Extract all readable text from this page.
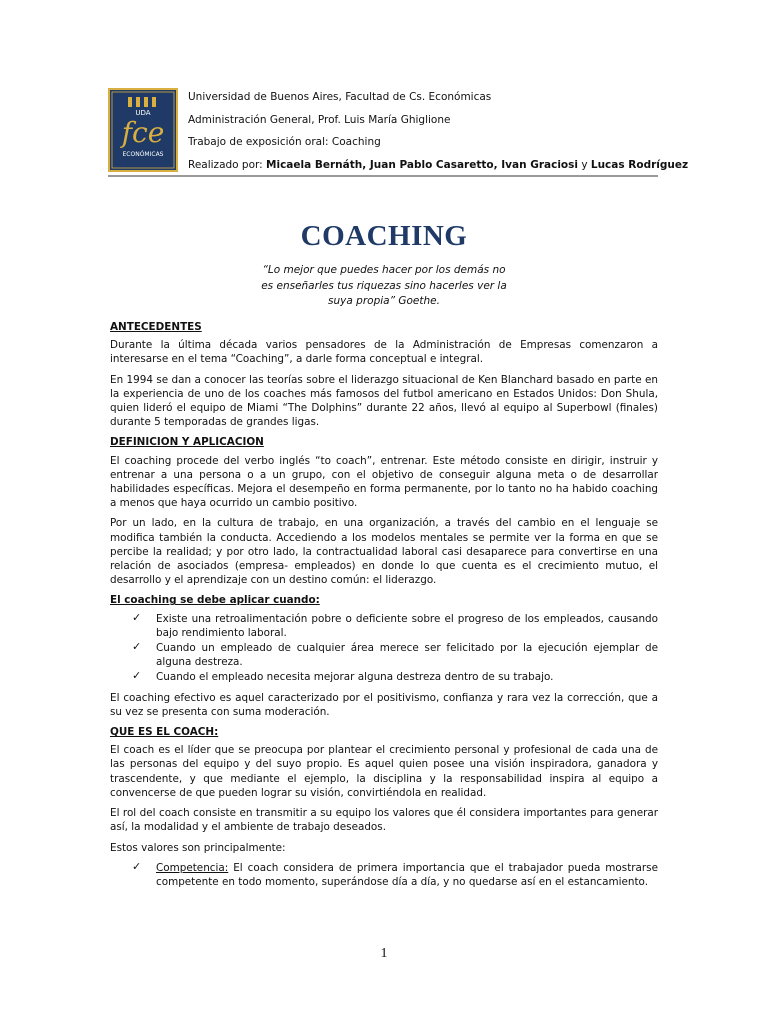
UDA
fce
ECONÓMICAS
Universidad de Buenos Aires, Facultad de Cs. Económicas
Administración General, Prof. Luis María Ghiglione
Trabajo de exposición oral: Coaching
Realizado por: Micaela Bernáth, Juan Pablo Casaretto, Ivan Graciosi y Lucas Rodríguez
COACHING
“Lo mejor que puedes hacer por los demás no
es enseñarles tus riquezas sino hacerles ver la
suya propia” Goethe.
ANTECEDENTES

Durante la última década varios pensadores de la Administración de Empresas comenzaron a interesarse en el tema “Coaching”, a darle forma conceptual e integral.

En 1994 se dan a conocer las teorías sobre el liderazgo situacional de Ken Blanchard basado en parte en la experiencia de uno de los coaches más famosos del futbol americano en Estados Unidos: Don Shula, quien lideró el equipo de Miami “The Dolphins” durante 22 años, llevó al equipo al Superbowl (finales) durante 5 temporadas de grandes ligas.

DEFINICION Y APLICACION

El coaching procede del verbo inglés “to coach”, entrenar. Este método consiste en dirigir, instruir y entrenar a una persona o a un grupo, con el objetivo de conseguir alguna meta o de desarrollar habilidades específicas. Mejora el desempeño en forma permanente, por lo tanto no ha habido coaching a menos que haya ocurrido un cambio positivo.

Por un lado, en la cultura de trabajo, en una organización, a través del cambio en el lenguaje se modifica también la conducta. Accediendo a los modelos mentales se permite ver la forma en que se percibe la realidad; y por otro lado, la contractualidad laboral casi desaparece para convertirse en una relación de asociados (empresa- empleados) en donde lo que cuenta es el crecimiento mutuo, el desarrollo y el aprendizaje con un destino común: el liderazgo.

El coaching se debe aplicar cuando:
✓ Existe una retroalimentación pobre o deficiente sobre el progreso de los empleados, causando bajo rendimiento laboral.
✓ Cuando un empleado de cualquier área merece ser felicitado por la ejecución ejemplar de alguna destreza.
✓ Cuando el empleado necesita mejorar alguna destreza dentro de su trabajo.

El coaching efectivo es aquel caracterizado por el positivismo, confianza y rara vez la corrección, que a su vez se presenta con suma moderación.

QUE ES EL COACH:

El coach es el líder que se preocupa por plantear el crecimiento personal y profesional de cada una de las personas del equipo y del suyo propio. Es aquel quien posee una visión inspiradora, ganadora y trascendente, y que mediante el ejemplo, la disciplina y la responsabilidad inspira al equipo a convencerse de que pueden lograr su visión, convirtiéndola en realidad.

El rol del coach consiste en transmitir a su equipo los valores que él considera importantes para generar así, la modalidad y el ambiente de trabajo deseados.

Estos valores son principalmente:

✓ Competencia: El coach considera de primera importancia que el trabajador pueda mostrarse competente en todo momento, superándose día a día, y no quedarse así en el estancamiento.
1
